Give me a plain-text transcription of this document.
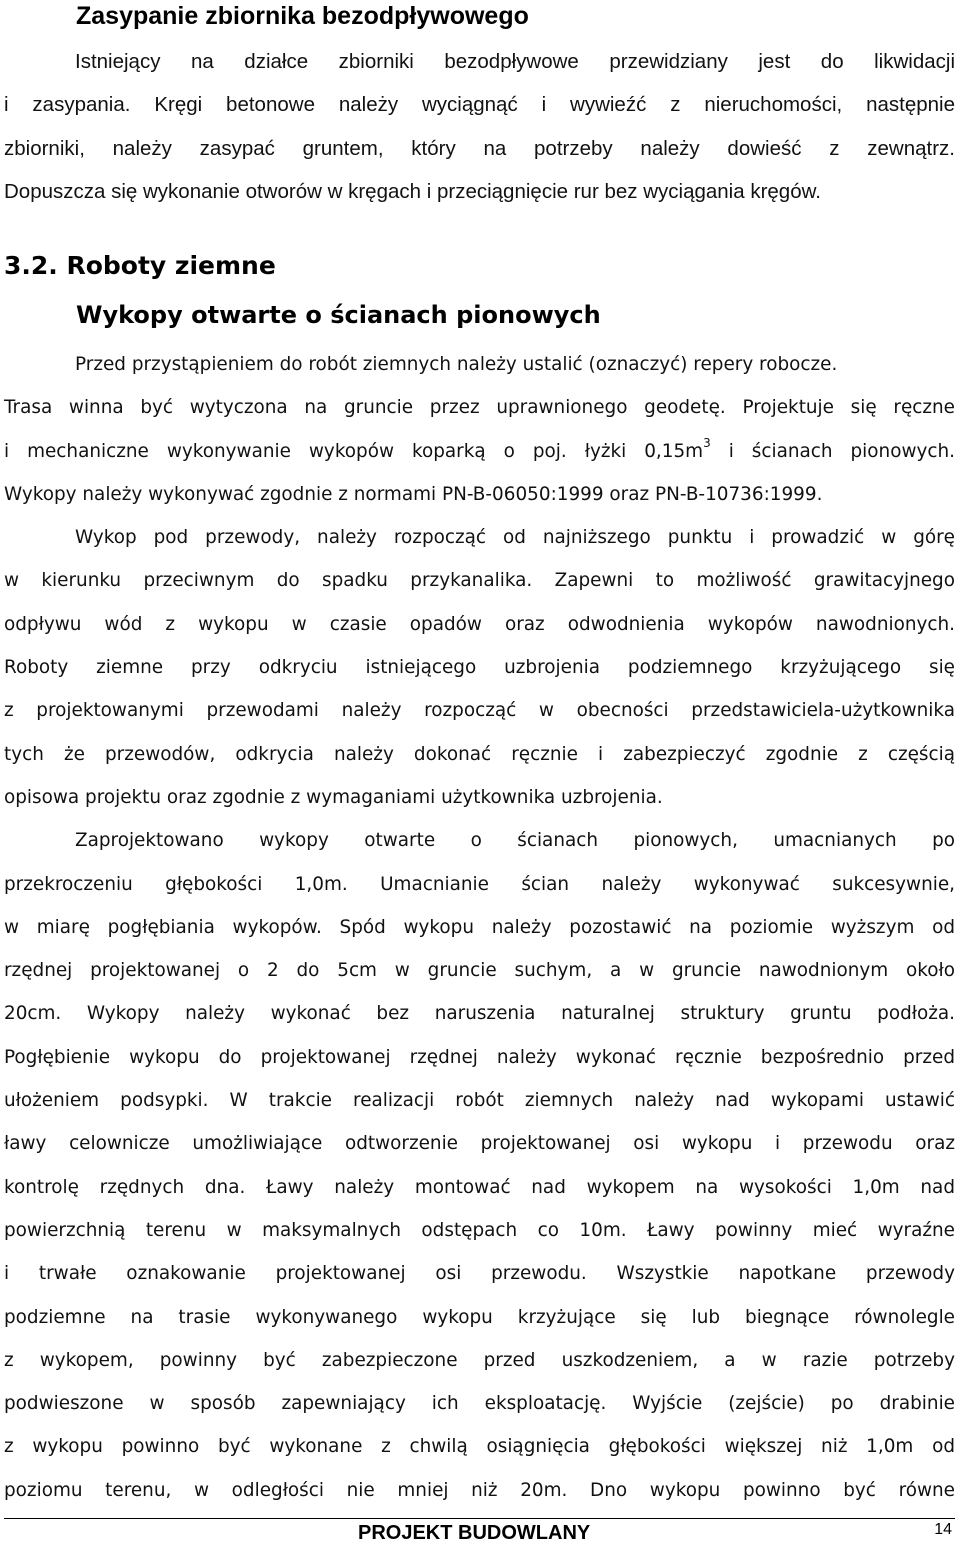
Zasypanie zbiornika bezodpływowego
Istniejący na działce zbiorniki bezodpływowe przewidziany jest do likwidacji
i zasypania. Kręgi betonowe należy wyciągnąć i wywieźć z nieruchomości, następnie
zbiorniki, należy zasypać gruntem, który na potrzeby należy dowieść z zewnątrz.
Dopuszcza się wykonanie otworów w kręgach i przeciągnięcie rur bez wyciągania kręgów.
3.2. Roboty ziemne
Wykopy otwarte o ścianach pionowych
Przed przystąpieniem do robót ziemnych należy ustalić (oznaczyć) repery robocze.
Trasa winna być wytyczona na gruncie przez uprawnionego geodetę. Projektuje się ręczne
i mechaniczne wykonywanie wykopów koparką o poj. łyżki $0,15m^3$ i ścianach pionowych.
Wykopy należy wykonywać zgodnie z normami PN-B-06050:1999 oraz PN-B-10736:1999.
Wykop pod przewody, należy rozpocząć od najniższego punktu i prowadzić w górę
w kierunku przeciwnym do spadku przykanalika. Zapewni to możliwość grawitacyjnego
odpływu wód z wykopu w czasie opadów oraz odwodnienia wykopów nawodnionych.
Roboty ziemne przy odkryciu istniejącego uzbrojenia podziemnego krzyżującego się
z projektowanymi przewodami należy rozpocząć w obecności przedstawiciela-użytkownika
tych że przewodów, odkrycia należy dokonać ręcznie i zabezpieczyć zgodnie z częścią
opisowa projektu oraz zgodnie z wymaganiami użytkownika uzbrojenia.
Zaprojektowano wykopy otwarte o ścianach pionowych, umacnianych po
przekroczeniu głębokości 1,0m. Umacnianie ścian należy wykonywać sukcesywnie,
w miarę pogłębiania wykopów. Spód wykopu należy pozostawić na poziomie wyższym od
rzędnej projektowanej o 2 do 5cm w gruncie suchym, a w gruncie nawodnionym około
20cm. Wykopy należy wykonać bez naruszenia naturalnej struktury gruntu podłoża.
Pogłębienie wykopu do projektowanej rzędnej należy wykonać ręcznie bezpośrednio przed
ułożeniem podsypki. W trakcie realizacji robót ziemnych należy nad wykopami ustawić
ławy celownicze umożliwiające odtworzenie projektowanej osi wykopu i przewodu oraz
kontrolę rzędnych dna. Ławy należy montować nad wykopem na wysokości 1,0m nad
powierzchnią terenu w maksymalnych odstępach co 10m. Ławy powinny mieć wyraźne
i trwałe oznakowanie projektowanej osi przewodu. Wszystkie napotkane przewody
podziemne na trasie wykonywanego wykopu krzyżujące się lub biegnące równolegle
z wykopem, powinny być zabezpieczone przed uszkodzeniem, a w razie potrzeby
podwieszone w sposób zapewniający ich eksploatację. Wyjście (zejście) po drabinie
z wykopu powinno być wykonane z chwilą osiągnięcia głębokości większej niż 1,0m od
poziomu terenu, w odległości nie mniej niż 20m. Dno wykopu powinno być równe

PROJEKT BUDOWLANY	14
